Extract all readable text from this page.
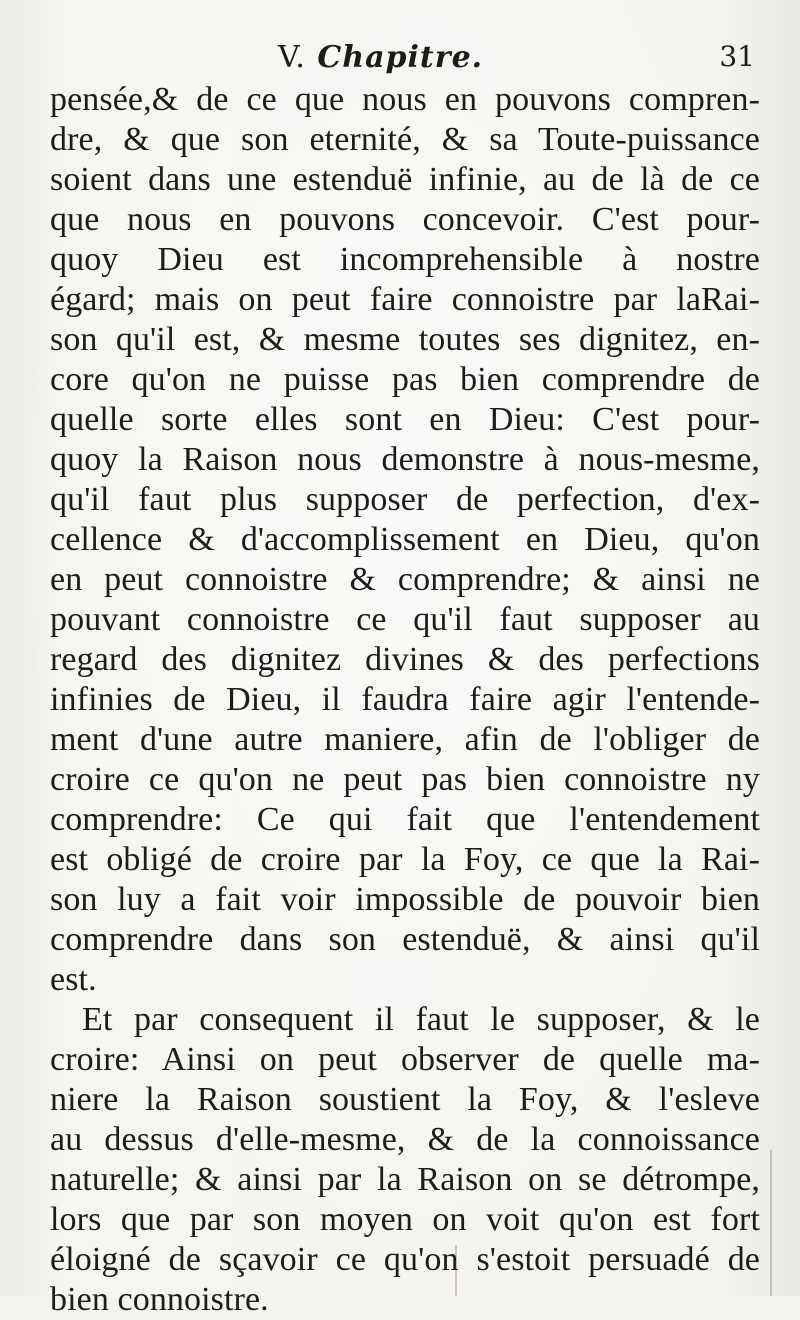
V. Chapitre.	31
pensée,& de ce que nous en pouvons compren-
dre, & que son eternité, & sa Toute-puissance
soient dans une estenduë infinie, au de là de ce
que nous en pouvons concevoir. C'est pour-
quoy Dieu est incomprehensible à nostre
égard; mais on peut faire connoistre par laRai-
son qu'il est, & mesme toutes ses dignitez, en-
core qu'on ne puisse pas bien comprendre de
quelle sorte elles sont en Dieu: C'est pour-
quoy la Raison nous demonstre à nous-mesme,
qu'il faut plus supposer de perfection, d'ex-
cellence & d'accomplissement en Dieu, qu'on
en peut connoistre & comprendre; & ainsi ne
pouvant connoistre ce qu'il faut supposer au
regard des dignitez divines & des perfections
infinies de Dieu, il faudra faire agir l'entende-
ment d'une autre maniere, afin de l'obliger de
croire ce qu'on ne peut pas bien connoistre ny
comprendre: Ce qui fait que l'entendement
est obligé de croire par la Foy, ce que la Rai-
son luy a fait voir impossible de pouvoir bien
comprendre dans son estenduë, & ainsi qu'il
est.
Et par consequent il faut le supposer, & le
croire: Ainsi on peut observer de quelle ma-
niere la Raison soustient la Foy, & l'esleve
au dessus d'elle-mesme, & de la connoissance
naturelle; & ainsi par la Raison on se détrompe,
lors que par son moyen on voit qu'on est fort
éloigné de sçavoir ce qu'on s'estoit persuadé de
bien connoistre.
